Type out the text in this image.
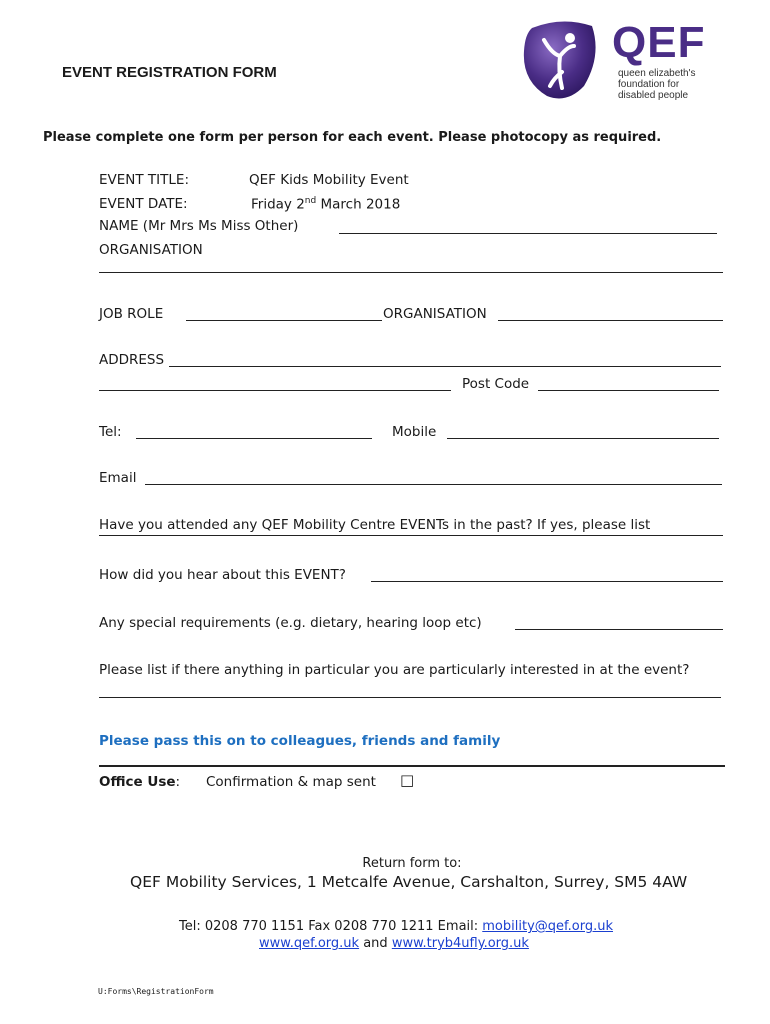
EVENT REGISTRATION FORM
QEF
queen elizabeth's
foundation for
disabled people
Please complete one form per person for each event. Please photocopy as required.
EVENT TITLE:	QEF Kids Mobility Event
EVENT DATE:	Friday 2nd March 2018
NAME (Mr Mrs Ms Miss Other)
ORGANISATION
JOB ROLE	ORGANISATION
ADDRESS
Post Code
Tel:	Mobile
Email
Have you attended any QEF Mobility Centre EVENTs in the past? If yes, please list
How did you hear about this EVENT?
Any special requirements (e.g. dietary, hearing loop etc)
Please list if there anything in particular you are particularly interested in at the event?
Please pass this on to colleagues, friends and family
Office Use: Confirmation & map sent □
Return form to:
QEF Mobility Services, 1 Metcalfe Avenue, Carshalton, Surrey, SM5 4AW
Tel: 0208 770 1151 Fax 0208 770 1211 Email: mobility@qef.org.uk
www.qef.org.uk and www.tryb4ufly.org.uk
U:Forms\RegistrationForm
